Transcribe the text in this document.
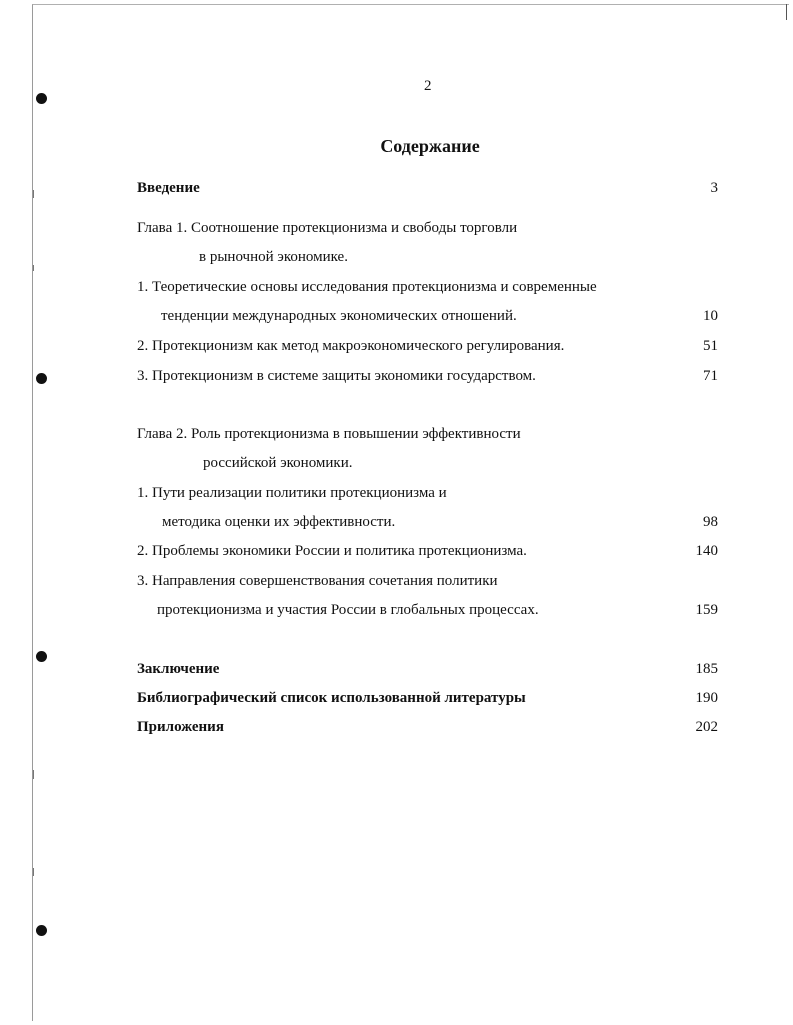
2
Содержание
Введение	3
Глава 1. Соотношение протекционизма и свободы торговли
в рыночной экономике.
1. Теоретические основы исследования протекционизма и современные
тенденции международных экономических отношений.	10
2. Протекционизм как метод макроэкономического регулирования.	51
3. Протекционизм в системе защиты экономики государством.	71
Глава 2. Роль протекционизма в повышении эффективности
российской экономики.
1. Пути реализации политики протекционизма и
методика оценки их эффективности.	98
2. Проблемы экономики России и политика протекционизма.	140
3. Направления совершенствования сочетания политики
протекционизма и участия России в глобальных процессах.	159
Заключение	185
Библиографический список использованной литературы	190
Приложения	202
